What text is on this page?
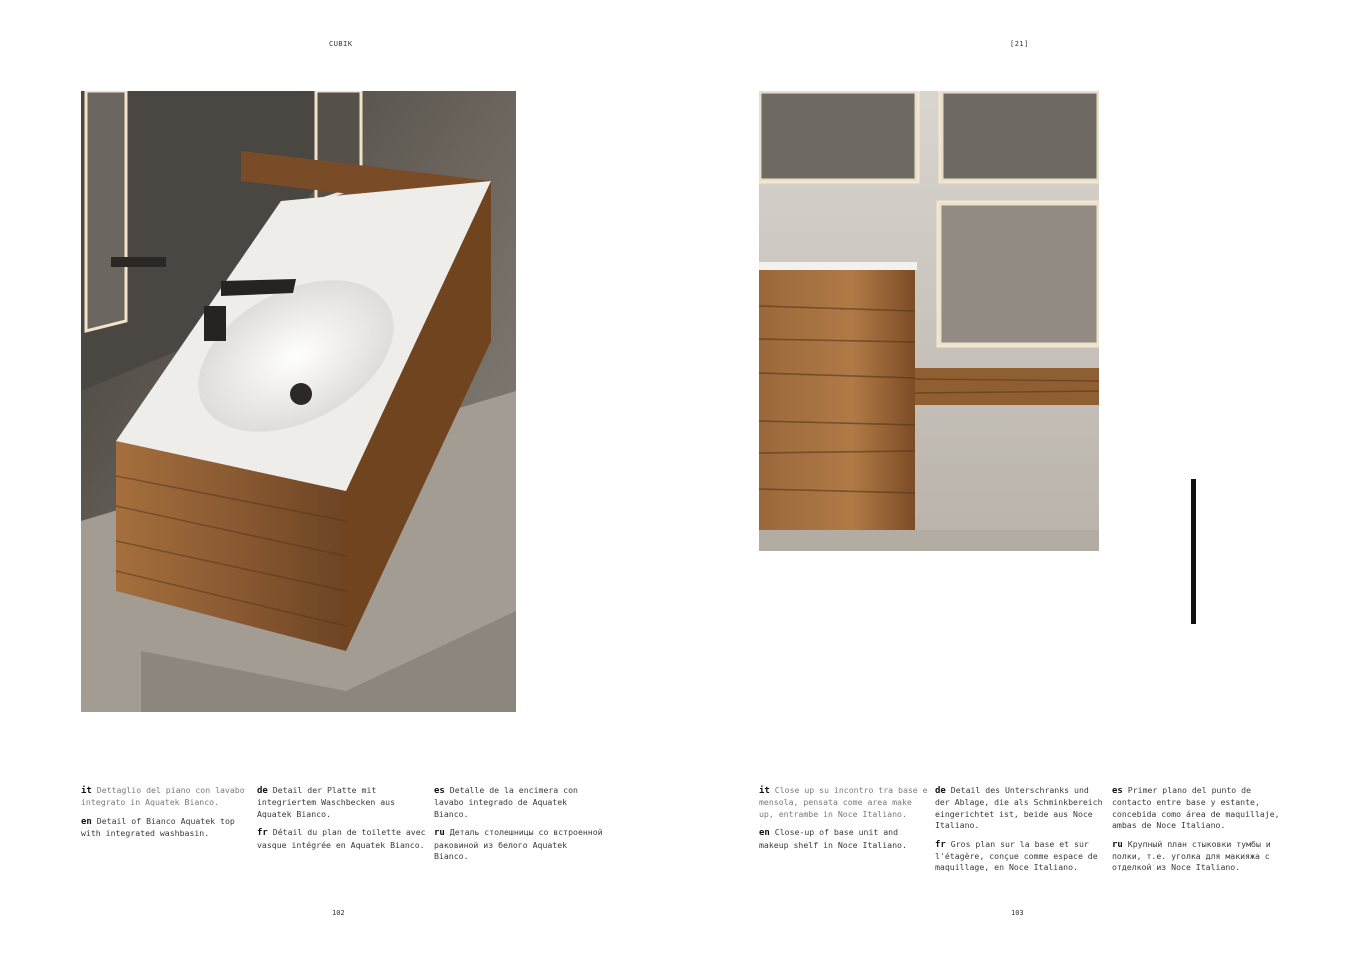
CUBIK	[21]
it Dettaglio del piano con lavabo integrato in Aquatek Bianco.
en Detail of Bianco Aquatek top with integrated washbasin.
de Detail der Platte mit integriertem Waschbecken aus Aquatek Bianco.
fr Détail du plan de toilette avec vasque intégrée en Aquatek Bianco.
es Detalle de la encimera con lavabo integrado de Aquatek Bianco.
ru Деталь столешницы со встроенной раковиной из белого Aquatek Bianco.
it Close up su incontro tra base e mensola, pensata come area make up, entrambe in Noce Italiano.
en Close-up of base unit and makeup shelf in Noce Italiano.
de Detail des Unterschranks und der Ablage, die als Schminkbereich eingerichtet ist, beide aus Noce Italiano.
fr Gros plan sur la base et sur l'étagère, conçue comme espace de maquillage, en Noce Italiano.
es Primer plano del punto de contacto entre base y estante, concebida como área de maquillaje, ambas de Noce Italiano.
ru Крупный план стыковки тумбы и полки, т.е. уголка для макияжа с отделкой из Noce Italiano.
102	103
